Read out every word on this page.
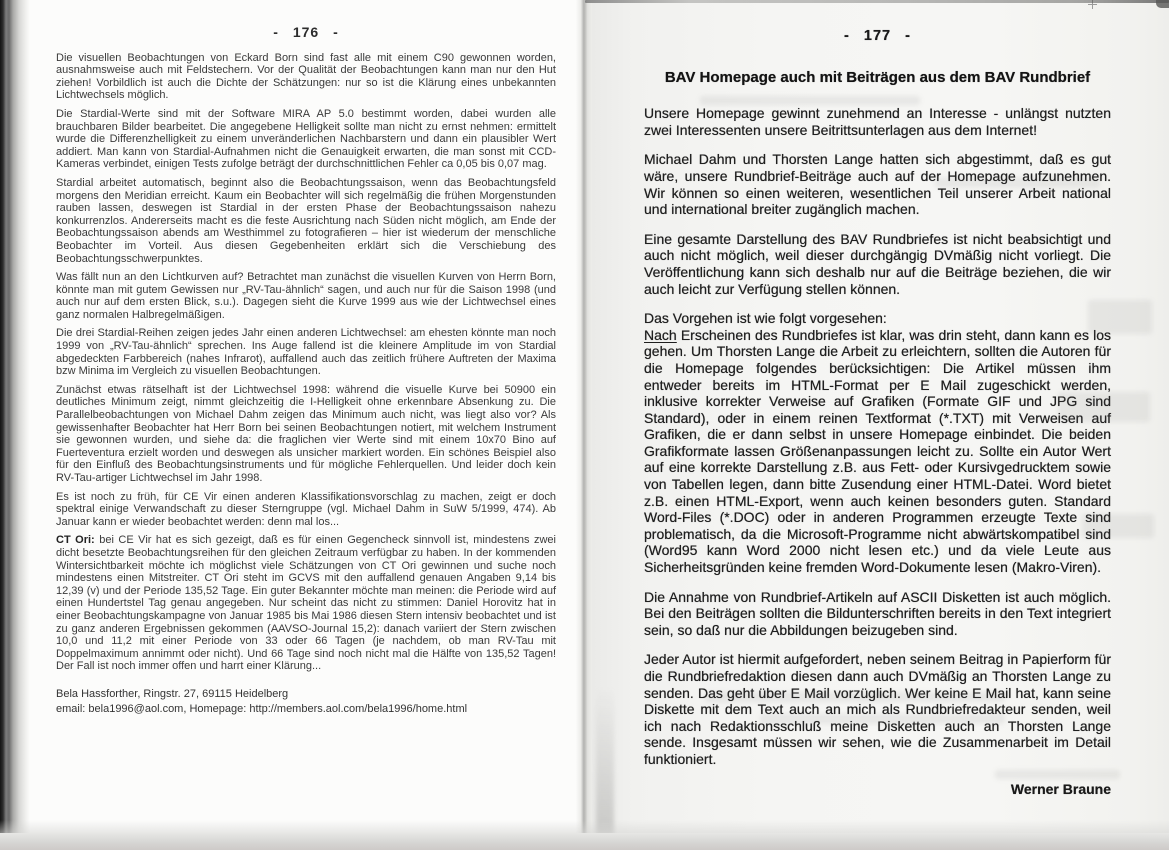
- 176 -

Die visuellen Beobachtungen von Eckard Born sind fast alle mit einem C90 gewonnen worden, ausnahmsweise auch mit Feldstechern. Vor der Qualität der Beobachtungen kann man nur den Hut ziehen! Vorbildlich ist auch die Dichte der Schätzungen: nur so ist die Klärung eines unbekannten Lichtwechsels möglich.

Die Stardial-Werte sind mit der Software MIRA AP 5.0 bestimmt worden, dabei wurden alle brauchbaren Bilder bearbeitet. Die angegebene Helligkeit sollte man nicht zu ernst nehmen: ermittelt wurde die Differenzhelligkeit zu einem unveränderlichen Nachbarstern und dann ein plausibler Wert addiert. Man kann von Stardial-Aufnahmen nicht die Genauigkeit erwarten, die man sonst mit CCD-Kameras verbindet, einigen Tests zufolge beträgt der durchschnittlichen Fehler ca 0,05 bis 0,07 mag.

Stardial arbeitet automatisch, beginnt also die Beobachtungssaison, wenn das Beobachtungsfeld morgens den Meridian erreicht. Kaum ein Beobachter will sich regelmäßig die frühen Morgenstunden rauben lassen, deswegen ist Stardial in der ersten Phase der Beobachtungssaison nahezu konkurrenzlos. Andererseits macht es die feste Ausrichtung nach Süden nicht möglich, am Ende der Beobachtungssaison abends am Westhimmel zu fotografieren – hier ist wiederum der menschliche Beobachter im Vorteil. Aus diesen Gegebenheiten erklärt sich die Verschiebung des Beobachtungsschwerpunktes.

Was fällt nun an den Lichtkurven auf? Betrachtet man zunächst die visuellen Kurven von Herrn Born, könnte man mit gutem Gewissen nur „RV-Tau-ähnlich“ sagen, und auch nur für die Saison 1998 (und auch nur auf dem ersten Blick, s.u.). Dagegen sieht die Kurve 1999 aus wie der Lichtwechsel eines ganz normalen Halbregelmäßigen.

Die drei Stardial-Reihen zeigen jedes Jahr einen anderen Lichtwechsel: am ehesten könnte man noch 1999 von „RV-Tau-ähnlich“ sprechen. Ins Auge fallend ist die kleinere Amplitude im von Stardial abgedeckten Farbbereich (nahes Infrarot), auffallend auch das zeitlich frühere Auftreten der Maxima bzw Minima im Vergleich zu visuellen Beobachtungen.

Zunächst etwas rätselhaft ist der Lichtwechsel 1998: während die visuelle Kurve bei 50900 ein deutliches Minimum zeigt, nimmt gleichzeitig die I-Helligkeit ohne erkennbare Absenkung zu. Die Parallelbeobachtungen von Michael Dahm zeigen das Minimum auch nicht, was liegt also vor? Als gewissenhafter Beobachter hat Herr Born bei seinen Beobachtungen notiert, mit welchem Instrument sie gewonnen wurden, und siehe da: die fraglichen vier Werte sind mit einem 10x70 Bino auf Fuerteventura erzielt worden und deswegen als unsicher markiert worden. Ein schönes Beispiel also für den Einfluß des Beobachtungsinstruments und für mögliche Fehlerquellen. Und leider doch kein RV-Tau-artiger Lichtwechsel im Jahr 1998.

Es ist noch zu früh, für CE Vir einen anderen Klassifikationsvorschlag zu machen, zeigt er doch spektral einige Verwandschaft zu dieser Sterngruppe (vgl. Michael Dahm in SuW 5/1999, 474). Ab Januar kann er wieder beobachtet werden: denn mal los...

CT Ori: bei CE Vir hat es sich gezeigt, daß es für einen Gegencheck sinnvoll ist, mindestens zwei dicht besetzte Beobachtungsreihen für den gleichen Zeitraum verfügbar zu haben. In der kommenden Wintersichtbarkeit möchte ich möglichst viele Schätzungen von CT Ori gewinnen und suche noch mindestens einen Mitstreiter. CT Ori steht im GCVS mit den auffallend genauen Angaben 9,14 bis 12,39 (v) und der Periode 135,52 Tage. Ein guter Bekannter möchte man meinen: die Periode wird auf einen Hundertstel Tag genau angegeben. Nur scheint das nicht zu stimmen: Daniel Horovitz hat in einer Beobachtungskampagne von Januar 1985 bis Mai 1986 diesen Stern intensiv beobachtet und ist zu ganz anderen Ergebnissen gekommen (AAVSO-Journal 15,2): danach variiert der Stern zwischen 10,0 und 11,2 mit einer Periode von 33 oder 66 Tagen (je nachdem, ob man RV-Tau mit Doppelmaximum annimmt oder nicht). Und 66 Tage sind noch nicht mal die Hälfte von 135,52 Tagen! Der Fall ist noch immer offen und harrt einer Klärung...

Bela Hassforther, Ringstr. 27, 69115 Heidelberg
email: bela1996@aol.com, Homepage: http://members.aol.com/bela1996/home.html
- 177 -
BAV Homepage auch mit Beiträgen aus dem BAV Rundbrief

Unsere Homepage gewinnt zunehmend an Interesse - unlängst nutzten zwei Interessenten unsere Beitrittsunterlagen aus dem Internet!

Michael Dahm und Thorsten Lange hatten sich abgestimmt, daß es gut wäre, unsere Rundbrief-Beiträge auch auf der Homepage aufzunehmen. Wir können so einen weiteren, wesentlichen Teil unserer Arbeit national und international breiter zugänglich machen.

Eine gesamte Darstellung des BAV Rundbriefes ist nicht beabsichtigt und auch nicht möglich, weil dieser durchgängig DVmäßig nicht vorliegt. Die Veröffentlichung kann sich deshalb nur auf die Beiträge beziehen, die wir auch leicht zur Verfügung stellen können.

Das Vorgehen ist wie folgt vorgesehen:
Nach Erscheinen des Rundbriefes ist klar, was drin steht, dann kann es los gehen. Um Thorsten Lange die Arbeit zu erleichtern, sollten die Autoren für die Homepage folgendes berücksichtigen: Die Artikel müssen ihm entweder bereits im HTML-Format per E Mail zugeschickt werden, inklusive korrekter Verweise auf Grafiken (Formate GIF und JPG sind Standard), oder in einem reinen Textformat (*.TXT) mit Verweisen auf Grafiken, die er dann selbst in unsere Homepage einbindet. Die beiden Grafikformate lassen Größenanpassungen leicht zu. Sollte ein Autor Wert auf eine korrekte Darstellung z.B. aus Fett- oder Kursivgedrucktem sowie von Tabellen legen, dann bitte Zusendung einer HTML-Datei. Word bietet z.B. einen HTML-Export, wenn auch keinen besonders guten. Standard Word-Files (*.DOC) oder in anderen Programmen erzeugte Texte sind problematisch, da die Microsoft-Programme nicht abwärtskompatibel sind (Word95 kann Word 2000 nicht lesen etc.) und da viele Leute aus Sicherheitsgründen keine fremden Word-Dokumente lesen (Makro-Viren).

Die Annahme von Rundbrief-Artikeln auf ASCII Disketten ist auch möglich. Bei den Beiträgen sollten die Bildunterschriften bereits in den Text integriert sein, so daß nur die Abbildungen beizugeben sind.

Jeder Autor ist hiermit aufgefordert, neben seinem Beitrag in Papierform für die Rundbriefredaktion diesen dann auch DVmäßig an Thorsten Lange zu senden. Das geht über E Mail vorzüglich. Wer keine E Mail hat, kann seine Diskette mit dem Text auch an mich als Rundbriefredakteur senden, weil ich nach Redaktionsschluß meine Disketten auch an Thorsten Lange sende. Insgesamt müssen wir sehen, wie die Zusammenarbeit im Detail funktioniert.

Werner Braune
